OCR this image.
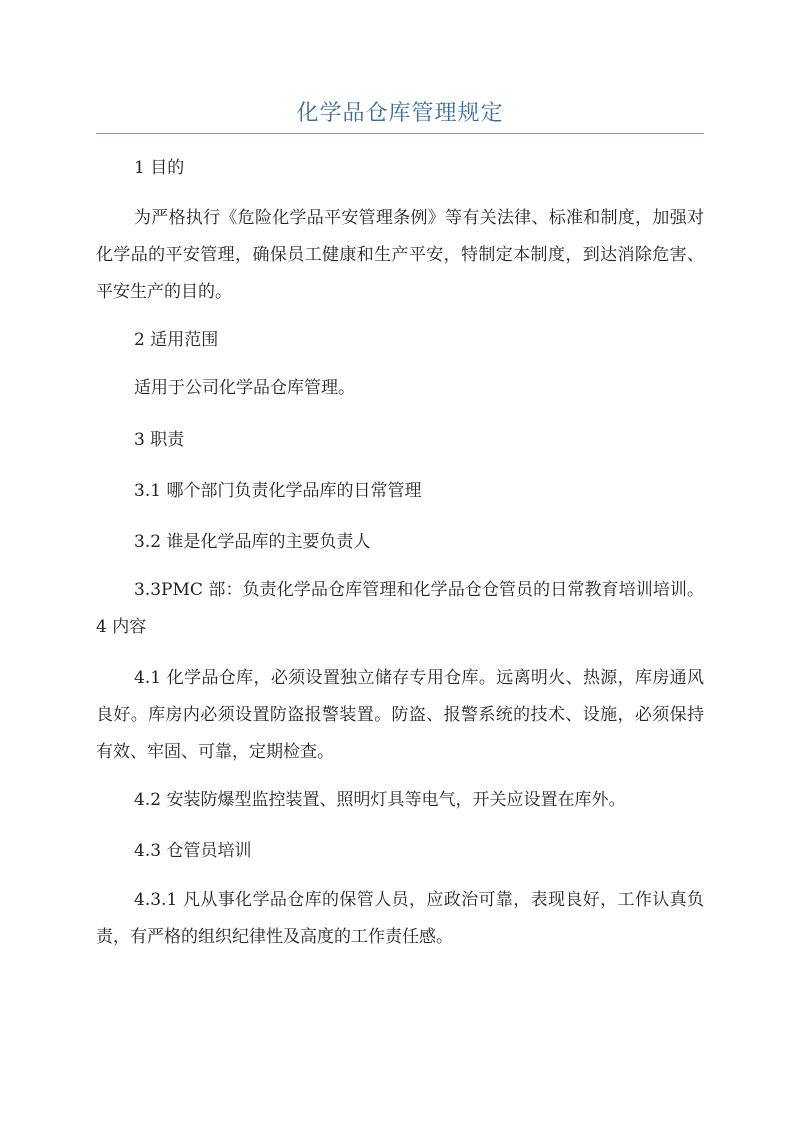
化学品仓库管理规定

1 目的

为严格执行《危险化学品平安管理条例》等有关法律、标准和制度，加强对化学品的平安管理，确保员工健康和生产平安，特制定本制度，到达消除危害、平安生产的目的。

2 适用范围

适用于公司化学品仓库管理。

3 职责

3.1 哪个部门负责化学品库的日常管理

3.2 谁是化学品库的主要负责人

3.3PMC 部：负责化学品仓库管理和化学品仓仓管员的日常教育培训培训。4 内容

4.1 化学品仓库，必须设置独立储存专用仓库。远离明火、热源，库房通风良好。库房内必须设置防盗报警装置。防盗、报警系统的技术、设施，必须保持有效、牢固、可靠，定期检查。

4.2 安装防爆型监控装置、照明灯具等电气，开关应设置在库外。

4.3 仓管员培训

4.3.1 凡从事化学品仓库的保管人员，应政治可靠，表现良好，工作认真负责，有严格的组织纪律性及高度的工作责任感。
